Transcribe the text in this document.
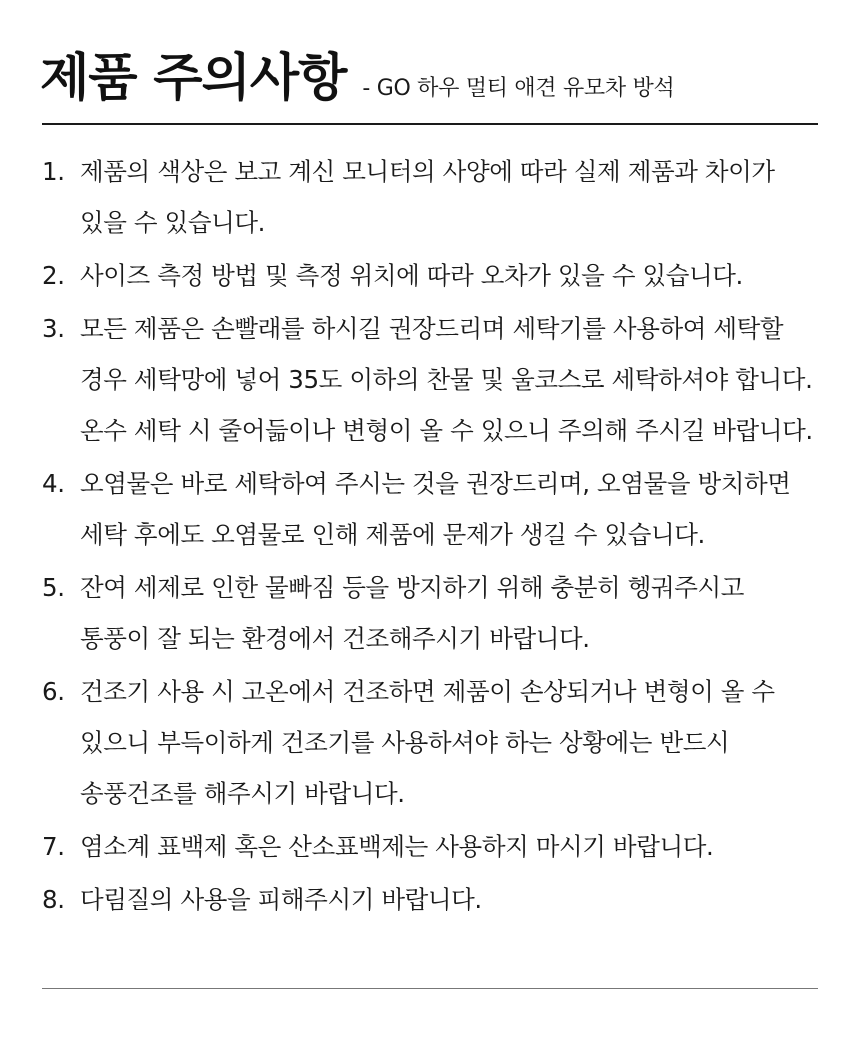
제품 주의사항 - GO 하우 멀티 애견 유모차 방석
1. 제품의 색상은 보고 계신 모니터의 사양에 따라 실제 제품과 차이가 있을 수 있습니다.
2. 사이즈 측정 방법 및 측정 위치에 따라 오차가 있을 수 있습니다.
3. 모든 제품은 손빨래를 하시길 권장드리며 세탁기를 사용하여 세탁할 경우 세탁망에 넣어 35도 이하의 찬물 및 울코스로 세탁하셔야 합니다. 온수 세탁 시 줄어듦이나 변형이 올 수 있으니 주의해 주시길 바랍니다.
4. 오염물은 바로 세탁하여 주시는 것을 권장드리며, 오염물을 방치하면 세탁 후에도 오염물로 인해 제품에 문제가 생길 수 있습니다.
5. 잔여 세제로 인한 물빠짐 등을 방지하기 위해 충분히 헹궈주시고 통풍이 잘 되는 환경에서 건조해주시기 바랍니다.
6. 건조기 사용 시 고온에서 건조하면 제품이 손상되거나 변형이 올 수 있으니 부득이하게 건조기를 사용하셔야 하는 상황에는 반드시 송풍건조를 해주시기 바랍니다.
7. 염소계 표백제 혹은 산소표백제는 사용하지 마시기 바랍니다.
8. 다림질의 사용을 피해주시기 바랍니다.
